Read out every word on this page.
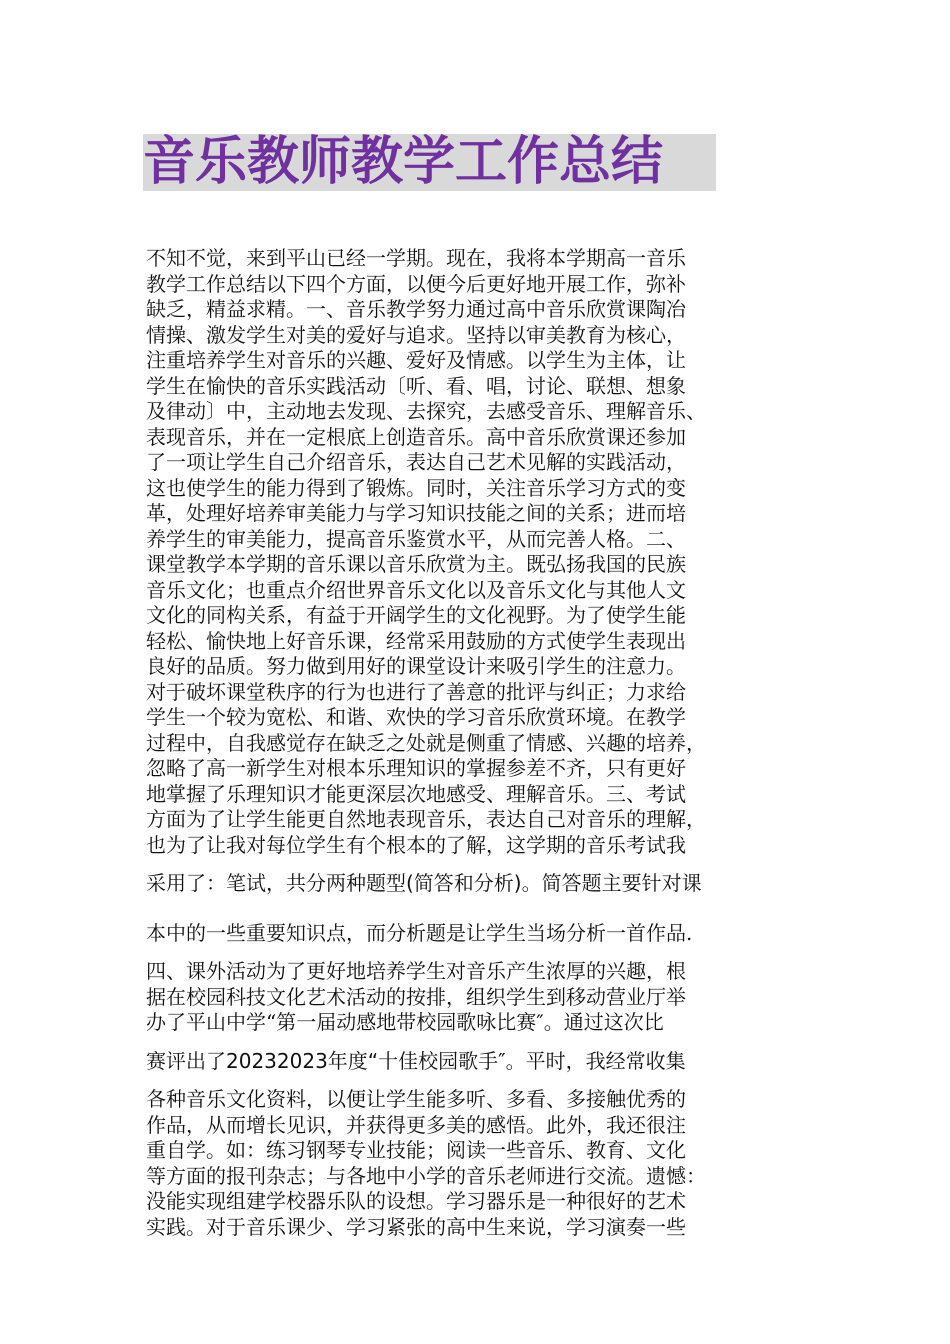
音乐教师教学工作总结
不知不觉，来到平山已经一学期。现在，我将本学期高一音乐
教学工作总结以下四个方面，以便今后更好地开展工作，弥补
缺乏，精益求精。一、音乐教学努力通过高中音乐欣赏课陶冶
情操、激发学生对美的爱好与追求。坚持以审美教育为核心，
注重培养学生对音乐的兴趣、爱好及情感。以学生为主体，让
学生在愉快的音乐实践活动〔听、看、唱，讨论、联想、想象
及律动〕中，主动地去发现、去探究，去感受音乐、理解音乐、
表现音乐，并在一定根底上创造音乐。高中音乐欣赏课还参加
了一项让学生自己介绍音乐，表达自己艺术见解的实践活动，
这也使学生的能力得到了锻炼。同时，关注音乐学习方式的变
革，处理好培养审美能力与学习知识技能之间的关系；进而培
养学生的审美能力，提高音乐鉴赏水平，从而完善人格。二、
课堂教学本学期的音乐课以音乐欣赏为主。既弘扬我国的民族
音乐文化；也重点介绍世界音乐文化以及音乐文化与其他人文
文化的同构关系，有益于开阔学生的文化视野。为了使学生能
轻松、愉快地上好音乐课，经常采用鼓励的方式使学生表现出
良好的品质。努力做到用好的课堂设计来吸引学生的注意力。
对于破坏课堂秩序的行为也进行了善意的批评与纠正；力求给
学生一个较为宽松、和谐、欢快的学习音乐欣赏环境。在教学
过程中，自我感觉存在缺乏之处就是侧重了情感、兴趣的培养，
忽略了高一新学生对根本乐理知识的掌握参差不齐，只有更好
地掌握了乐理知识才能更深层次地感受、理解音乐。三、考试
方面为了让学生能更自然地表现音乐，表达自己对音乐的理解，
也为了让我对每位学生有个根本的了解，这学期的音乐考试我
采用了：笔试，共分两种题型(简答和分析)。简答题主要针对课
本中的一些重要知识点，而分析题是让学生当场分析一首作品.
四、课外活动为了更好地培养学生对音乐产生浓厚的兴趣，根
据在校园科技文化艺术活动的按排，组织学生到移动营业厅举
办了平山中学“第一届动感地带校园歌咏比赛″。通过这次比
赛评出了20232023年度“十佳校园歌手″。平时，我经常收集
各种音乐文化资料，以便让学生能多听、多看、多接触优秀的
作品，从而增长见识，并获得更多美的感悟。此外，我还很注
重自学。如：练习钢琴专业技能；阅读一些音乐、教育、文化
等方面的报刊杂志；与各地中小学的音乐老师进行交流。遗憾：
没能实现组建学校器乐队的设想。学习器乐是一种很好的艺术
实践。对于音乐课少、学习紧张的高中生来说，学习演奏一些
